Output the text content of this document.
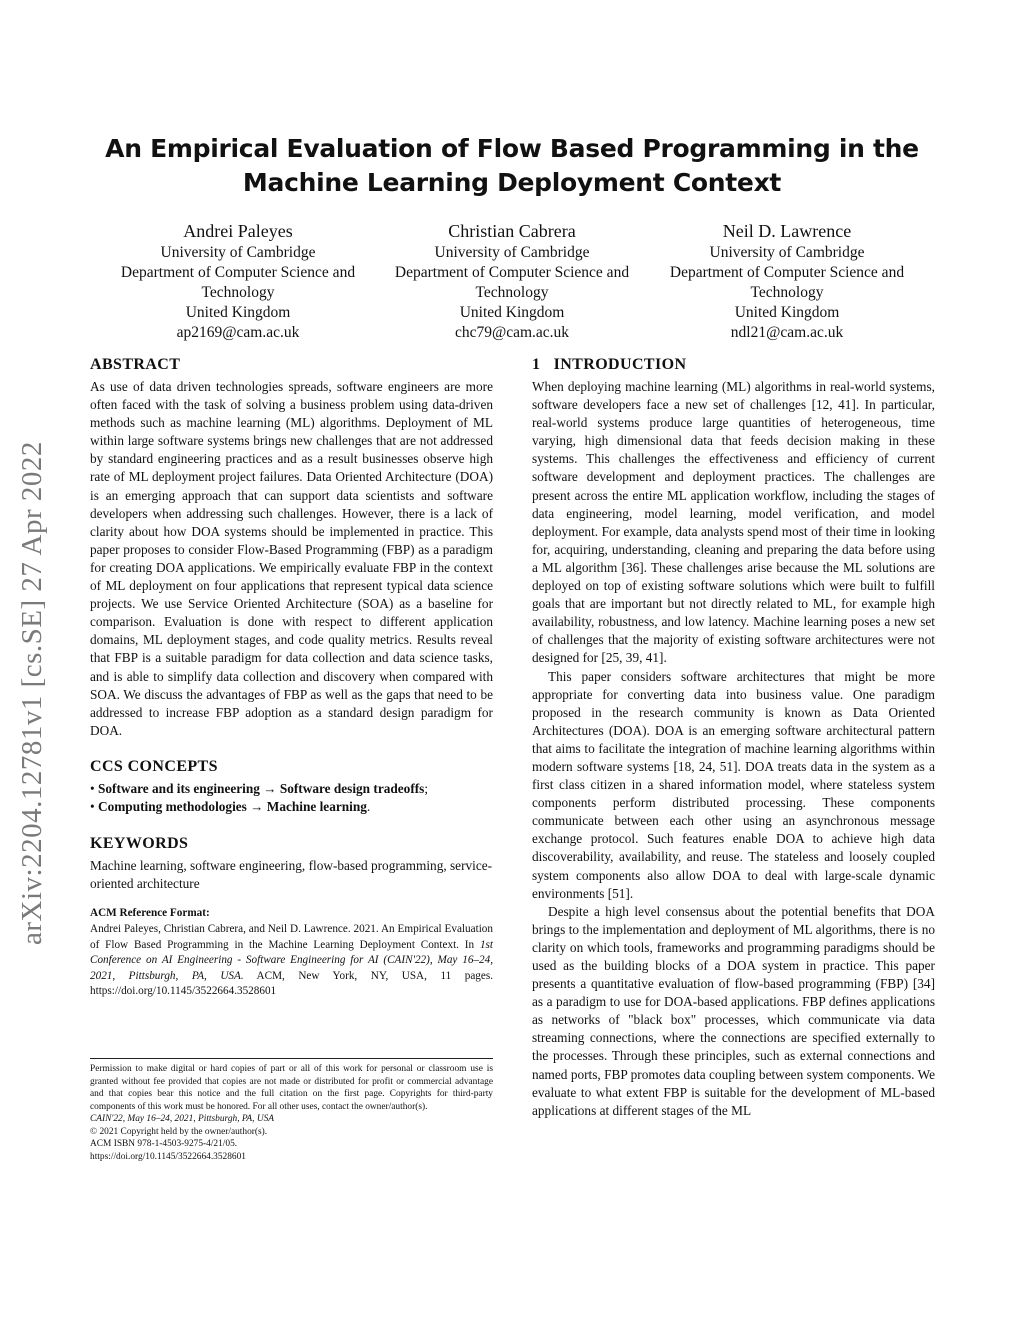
arXiv:2204.12781v1 [cs.SE] 27 Apr 2022
An Empirical Evaluation of Flow Based Programming in the Machine Learning Deployment Context
Andrei Paleyes
University of Cambridge
Department of Computer Science and Technology
United Kingdom
ap2169@cam.ac.uk
Christian Cabrera
University of Cambridge
Department of Computer Science and Technology
United Kingdom
chc79@cam.ac.uk
Neil D. Lawrence
University of Cambridge
Department of Computer Science and Technology
United Kingdom
ndl21@cam.ac.uk
ABSTRACT

As use of data driven technologies spreads, software engineers are more often faced with the task of solving a business problem using data-driven methods such as machine learning (ML) algorithms. Deployment of ML within large software systems brings new challenges that are not addressed by standard engineering practices and as a result businesses observe high rate of ML deployment project failures. Data Oriented Architecture (DOA) is an emerging approach that can support data scientists and software developers when addressing such challenges. However, there is a lack of clarity about how DOA systems should be implemented in practice. This paper proposes to consider Flow-Based Programming (FBP) as a paradigm for creating DOA applications. We empirically evaluate FBP in the context of ML deployment on four applications that represent typical data science projects. We use Service Oriented Architecture (SOA) as a baseline for comparison. Evaluation is done with respect to different application domains, ML deployment stages, and code quality metrics. Results reveal that FBP is a suitable paradigm for data collection and data science tasks, and is able to simplify data collection and discovery when compared with SOA. We discuss the advantages of FBP as well as the gaps that need to be addressed to increase FBP adoption as a standard design paradigm for DOA.

CCS CONCEPTS
• Software and its engineering → Software design tradeoffs;
• Computing methodologies → Machine learning.
KEYWORDS

Machine learning, software engineering, flow-based programming, service-oriented architecture

ACM Reference Format:

Andrei Paleyes, Christian Cabrera, and Neil D. Lawrence. 2021. An Empirical Evaluation of Flow Based Programming in the Machine Learning Deployment Context. In 1st Conference on AI Engineering - Software Engineering for AI (CAIN'22), May 16–24, 2021, Pittsburgh, PA, USA. ACM, New York, NY, USA, 11 pages. https://doi.org/10.1145/3522664.3528601

Permission to make digital or hard copies of part or all of this work for personal or classroom use is granted without fee provided that copies are not made or distributed for profit or commercial advantage and that copies bear this notice and the full citation on the first page. Copyrights for third-party components of this work must be honored. For all other uses, contact the owner/author(s).

CAIN'22, May 16–24, 2021, Pittsburgh, PA, USA

© 2021 Copyright held by the owner/author(s).

ACM ISBN 978-1-4503-9275-4/21/05.

https://doi.org/10.1145/3522664.3528601

1   INTRODUCTION

When deploying machine learning (ML) algorithms in real-world systems, software developers face a new set of challenges [12, 41]. In particular, real-world systems produce large quantities of heterogeneous, time varying, high dimensional data that feeds decision making in these systems. This challenges the effectiveness and efficiency of current software development and deployment practices. The challenges are present across the entire ML application workflow, including the stages of data engineering, model learning, model verification, and model deployment. For example, data analysts spend most of their time in looking for, acquiring, understanding, cleaning and preparing the data before using a ML algorithm [36]. These challenges arise because the ML solutions are deployed on top of existing software solutions which were built to fulfill goals that are important but not directly related to ML, for example high availability, robustness, and low latency. Machine learning poses a new set of challenges that the majority of existing software architectures were not designed for [25, 39, 41].

This paper considers software architectures that might be more appropriate for converting data into business value. One paradigm proposed in the research community is known as Data Oriented Architectures (DOA). DOA is an emerging software architectural pattern that aims to facilitate the integration of machine learning algorithms within modern software systems [18, 24, 51]. DOA treats data in the system as a first class citizen in a shared information model, where stateless system components perform distributed processing. These components communicate between each other using an asynchronous message exchange protocol. Such features enable DOA to achieve high data discoverability, availability, and reuse. The stateless and loosely coupled system components also allow DOA to deal with large-scale dynamic environments [51].

Despite a high level consensus about the potential benefits that DOA brings to the implementation and deployment of ML algorithms, there is no clarity on which tools, frameworks and programming paradigms should be used as the building blocks of a DOA system in practice. This paper presents a quantitative evaluation of flow-based programming (FBP) [34] as a paradigm to use for DOA-based applications. FBP defines applications as networks of "black box" processes, which communicate via data streaming connections, where the connections are specified externally to the processes. Through these principles, such as external connections and named ports, FBP promotes data coupling between system components. We evaluate to what extent FBP is suitable for the development of ML-based applications at different stages of the ML
